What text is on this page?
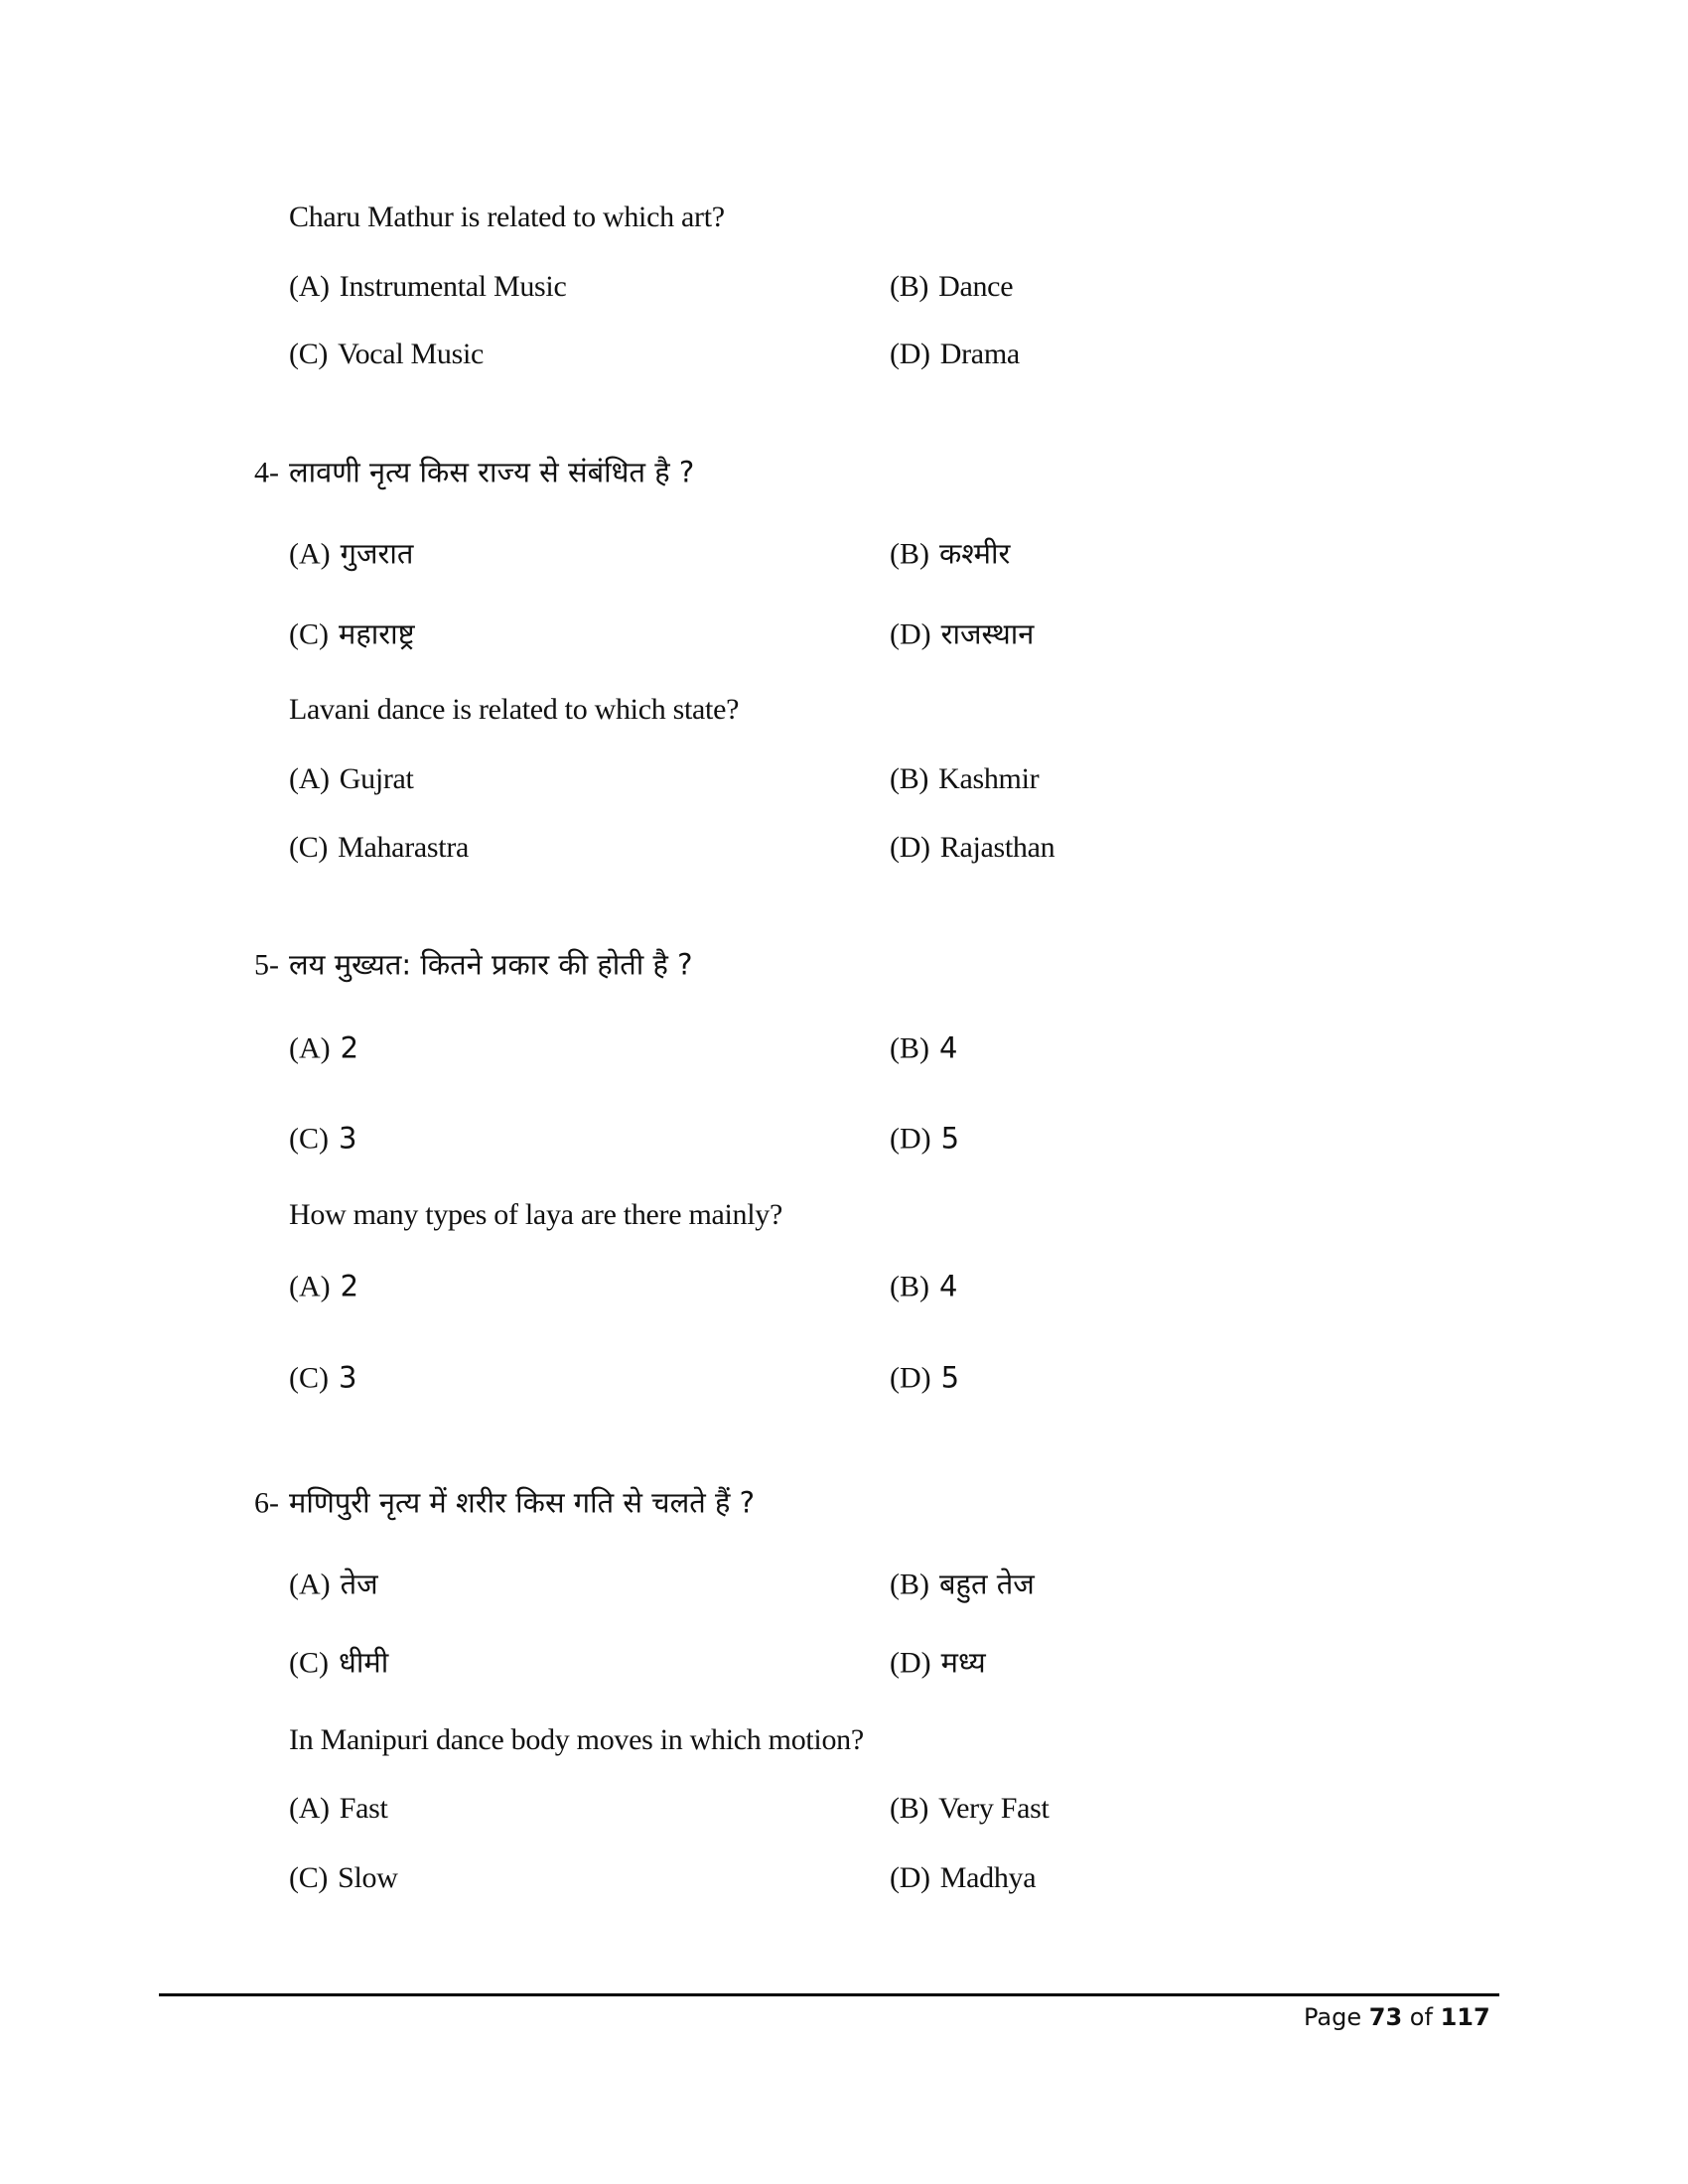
Charu Mathur is related to which art?
(A) Instrumental Music	(B) Dance
(C) Vocal Music	(D) Drama
4- लावणी नृत्य किस राज्य से संबंधित है ?
(A) गुजरात	(B) कश्मीर
(C) महाराष्ट्र	(D) राजस्थान
Lavani dance is related to which state?
(A) Gujrat	(B) Kashmir
(C) Maharastra	(D) Rajasthan
5- लय मुख्यत: कितने प्रकार की होती है ?
(A) 2	(B) 4
(C) 3	(D) 5
How many types of laya are there mainly?
(A) 2	(B) 4
(C) 3	(D) 5
6- मणिपुरी नृत्य में शरीर किस गति से चलते हैं ?
(A) तेज	(B) बहुत तेज
(C) धीमी	(D) मध्य
In Manipuri dance body moves in which motion?
(A) Fast	(B) Very Fast
(C) Slow	(D) Madhya
Page 73 of 117
